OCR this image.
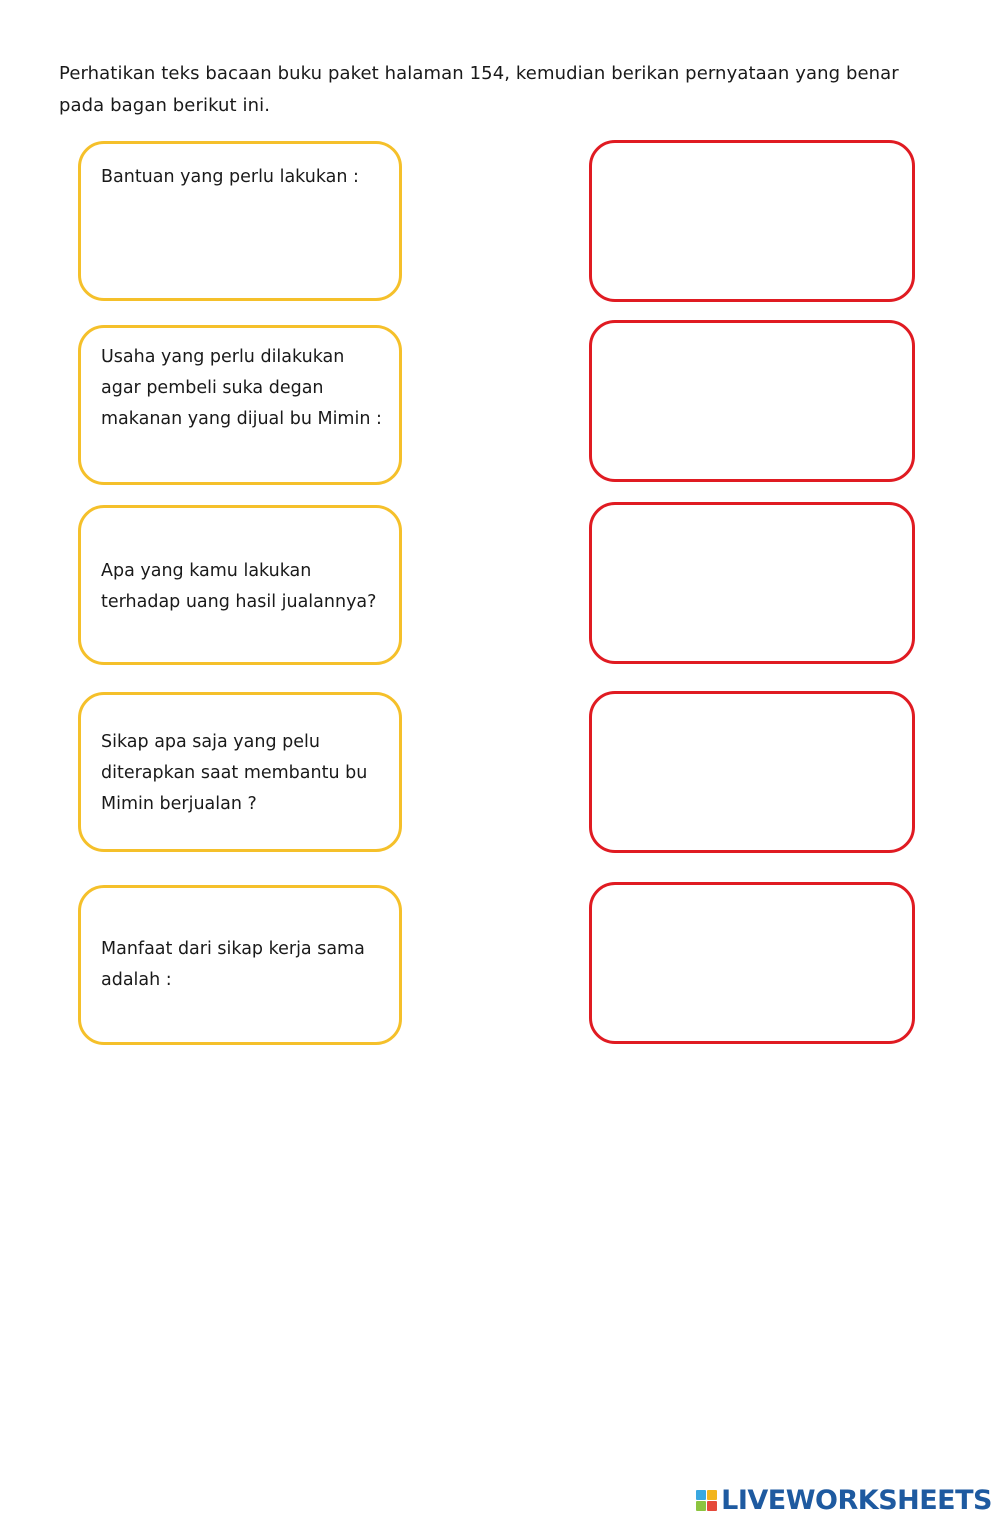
Perhatikan teks bacaan buku paket halaman 154, kemudian berikan pernyataan yang benar pada bagan berikut ini.
Bantuan yang perlu lakukan :
Usaha yang perlu dilakukan
agar pembeli suka degan
makanan yang dijual bu Mimin :
Apa yang kamu lakukan
terhadap uang hasil jualannya?
Sikap apa saja yang pelu
diterapkan saat membantu bu
Mimin berjualan ?
Manfaat dari sikap kerja sama
adalah :
LIVEWORKSHEETS
